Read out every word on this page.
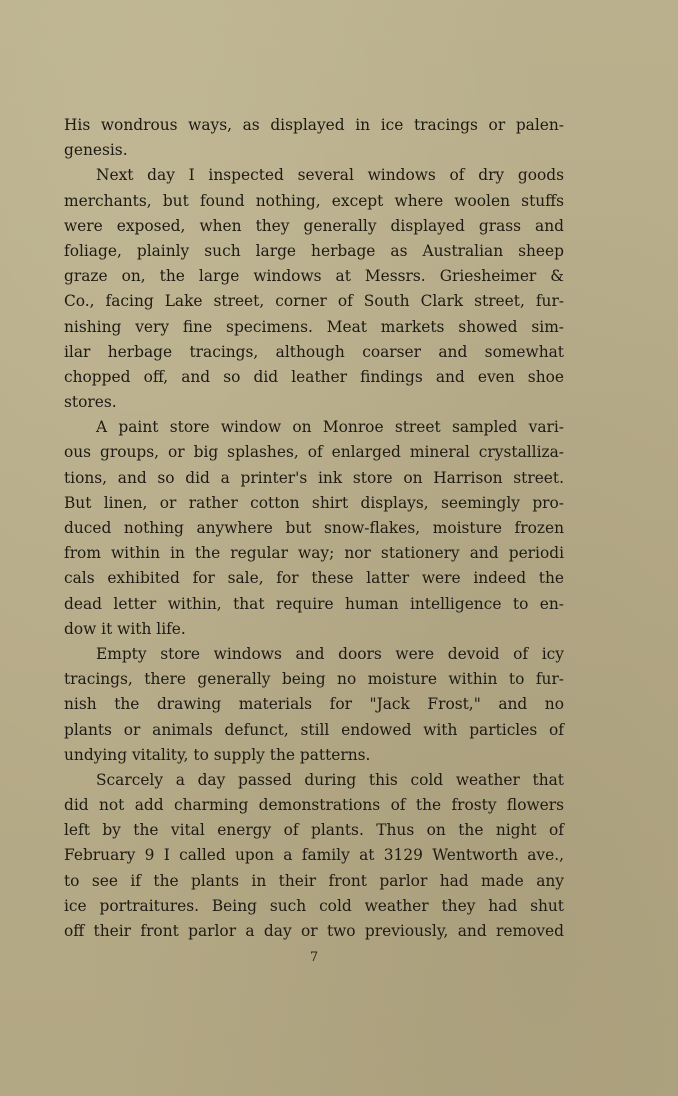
His wondrous ways, as displayed in ice tracings or palen-
genesis.
Next day I inspected several windows of dry goods
merchants, but found nothing, except where woolen stuffs
were exposed, when they generally displayed grass and
foliage, plainly such large herbage as Australian sheep
graze on, the large windows at Messrs. Griesheimer &
Co., facing Lake street, corner of South Clark street, fur-
nishing very fine specimens. Meat markets showed sim-
ilar herbage tracings, although coarser and somewhat
chopped off, and so did leather findings and even shoe
stores.
A paint store window on Monroe street sampled vari-
ous groups, or big splashes, of enlarged mineral crystalliza-
tions, and so did a printer's ink store on Harrison street.
But linen, or rather cotton shirt displays, seemingly pro-
duced nothing anywhere but snow-flakes, moisture frozen
from within in the regular way; nor stationery and periodi
cals exhibited for sale, for these latter were indeed the
dead letter within, that require human intelligence to en-
dow it with life.
Empty store windows and doors were devoid of icy
tracings, there generally being no moisture within to fur-
nish the drawing materials for "Jack Frost," and no
plants or animals defunct, still endowed with particles of
undying vitality, to supply the patterns.
Scarcely a day passed during this cold weather that
did not add charming demonstrations of the frosty flowers
left by the vital energy of plants. Thus on the night of
February 9 I called upon a family at 3129 Wentworth ave.,
to see if the plants in their front parlor had made any
ice portraitures. Being such cold weather they had shut
off their front parlor a day or two previously, and removed
7
